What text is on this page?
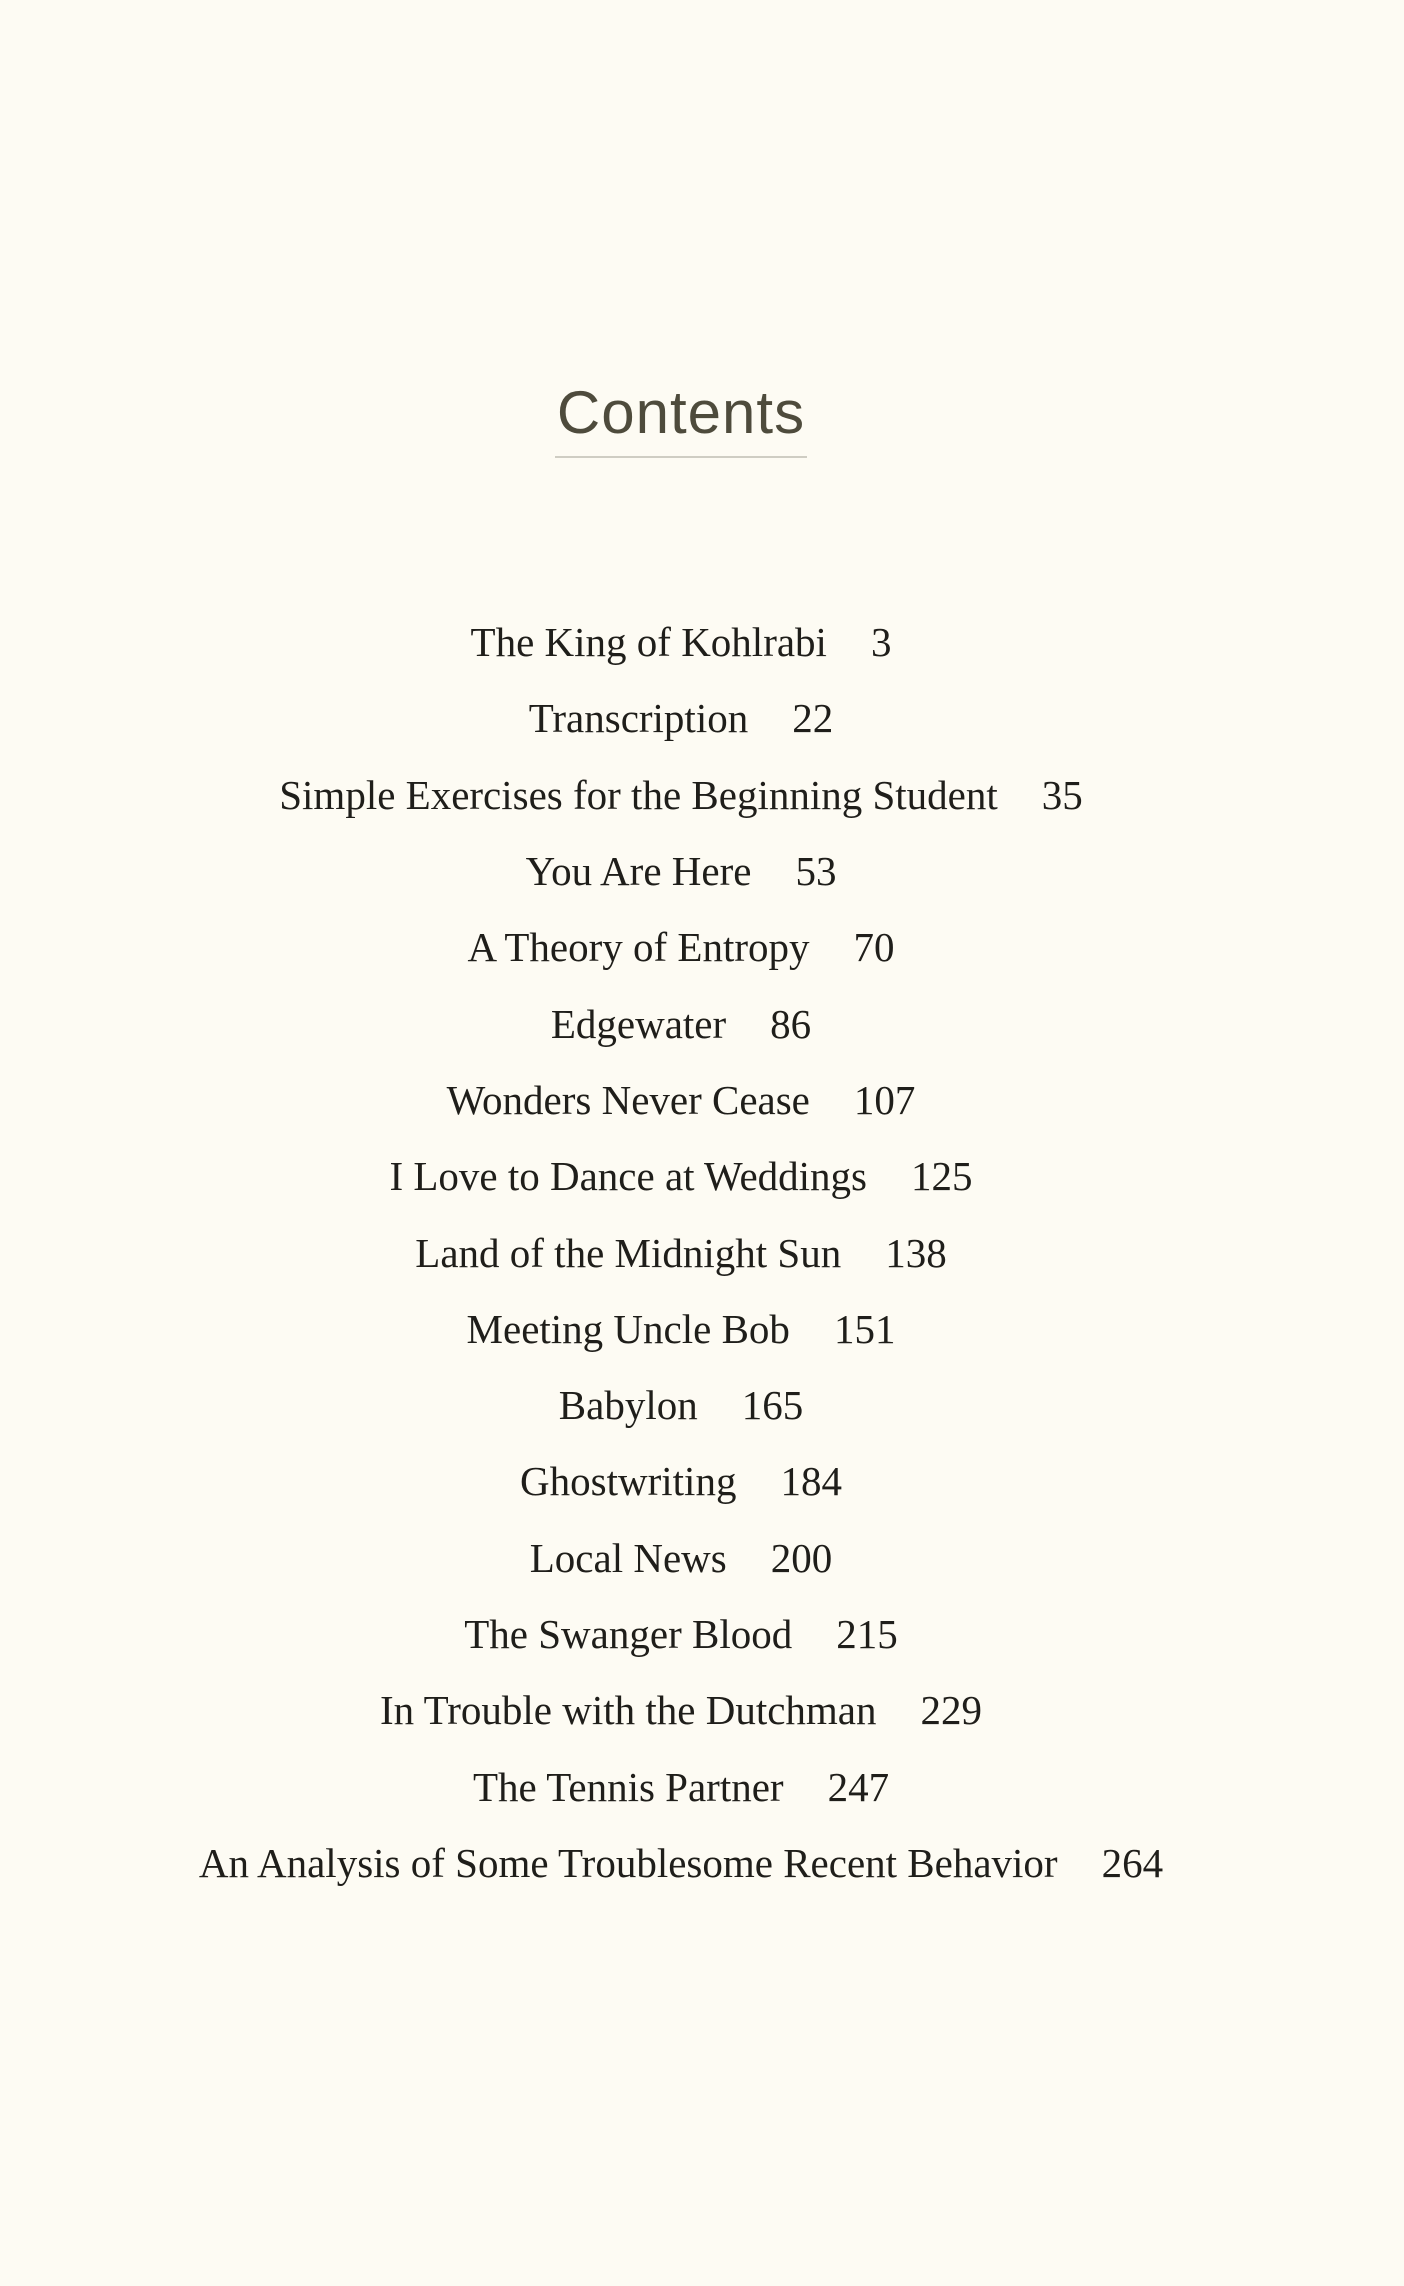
Contents
The King of Kohlrabi 3
Transcription 22
Simple Exercises for the Beginning Student 35
You Are Here 53
A Theory of Entropy 70
Edgewater 86
Wonders Never Cease 107
I Love to Dance at Weddings 125
Land of the Midnight Sun 138
Meeting Uncle Bob 151
Babylon 165
Ghostwriting 184
Local News 200
The Swanger Blood 215
In Trouble with the Dutchman 229
The Tennis Partner 247
An Analysis of Some Troublesome Recent Behavior 264
